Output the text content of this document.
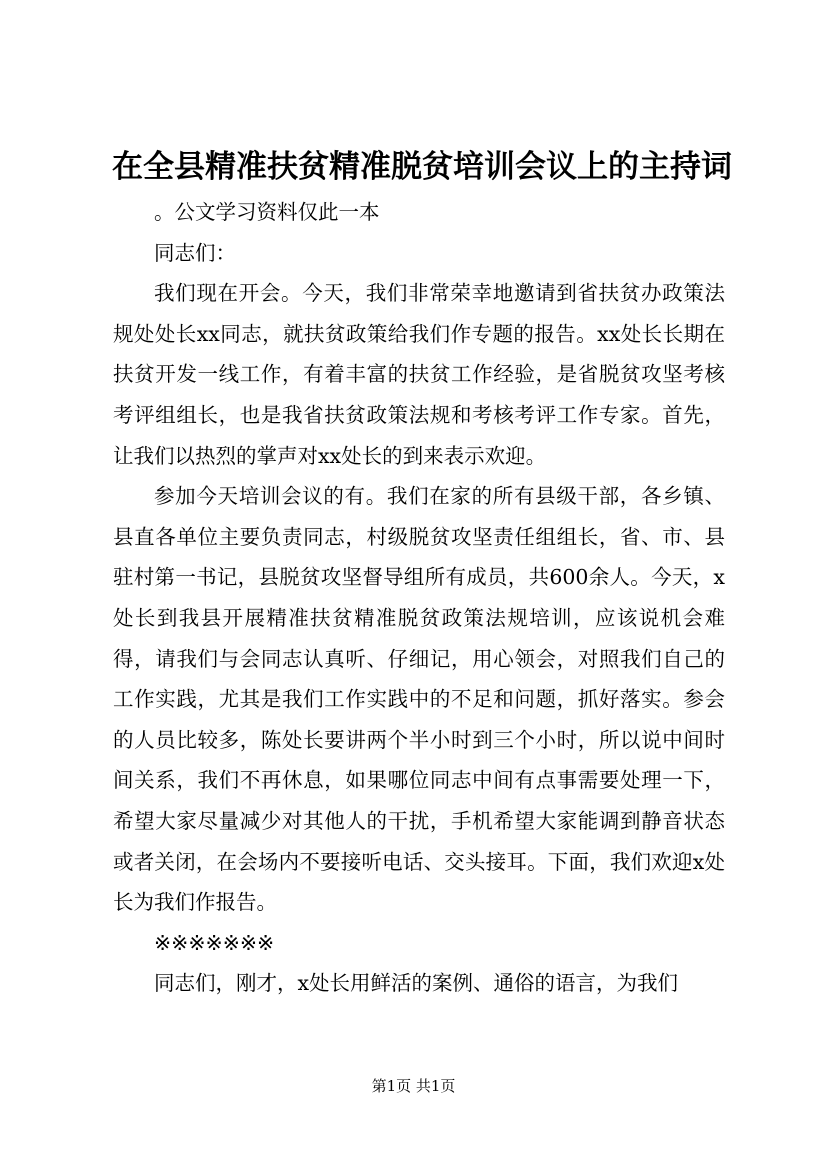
在全县精准扶贫精准脱贫培训会议上的主持词

。公文学习资料仅此一本

同志们：

我们现在开会。今天，我们非常荣幸地邀请到省扶贫办政策法规处处长xx同志，就扶贫政策给我们作专题的报告。xx处长长期在扶贫开发一线工作，有着丰富的扶贫工作经验，是省脱贫攻坚考核考评组组长，也是我省扶贫政策法规和考核考评工作专家。首先，让我们以热烈的掌声对xx处长的到来表示欢迎。

参加今天培训会议的有。我们在家的所有县级干部，各乡镇、县直各单位主要负责同志，村级脱贫攻坚责任组组长，省、市、县驻村第一书记，县脱贫攻坚督导组所有成员，共600余人。今天，x处长到我县开展精准扶贫精准脱贫政策法规培训，应该说机会难得，请我们与会同志认真听、仔细记，用心领会，对照我们自己的工作实践，尤其是我们工作实践中的不足和问题，抓好落实。参会的人员比较多，陈处长要讲两个半小时到三个小时，所以说中间时间关系，我们不再休息，如果哪位同志中间有点事需要处理一下，希望大家尽量减少对其他人的干扰，手机希望大家能调到静音状态或者关闭，在会场内不要接听电话、交头接耳。下面，我们欢迎x处长为我们作报告。

※※※※※※※

同志们，刚才，x处长用鲜活的案例、通俗的语言，为我们

第1页 共1页
